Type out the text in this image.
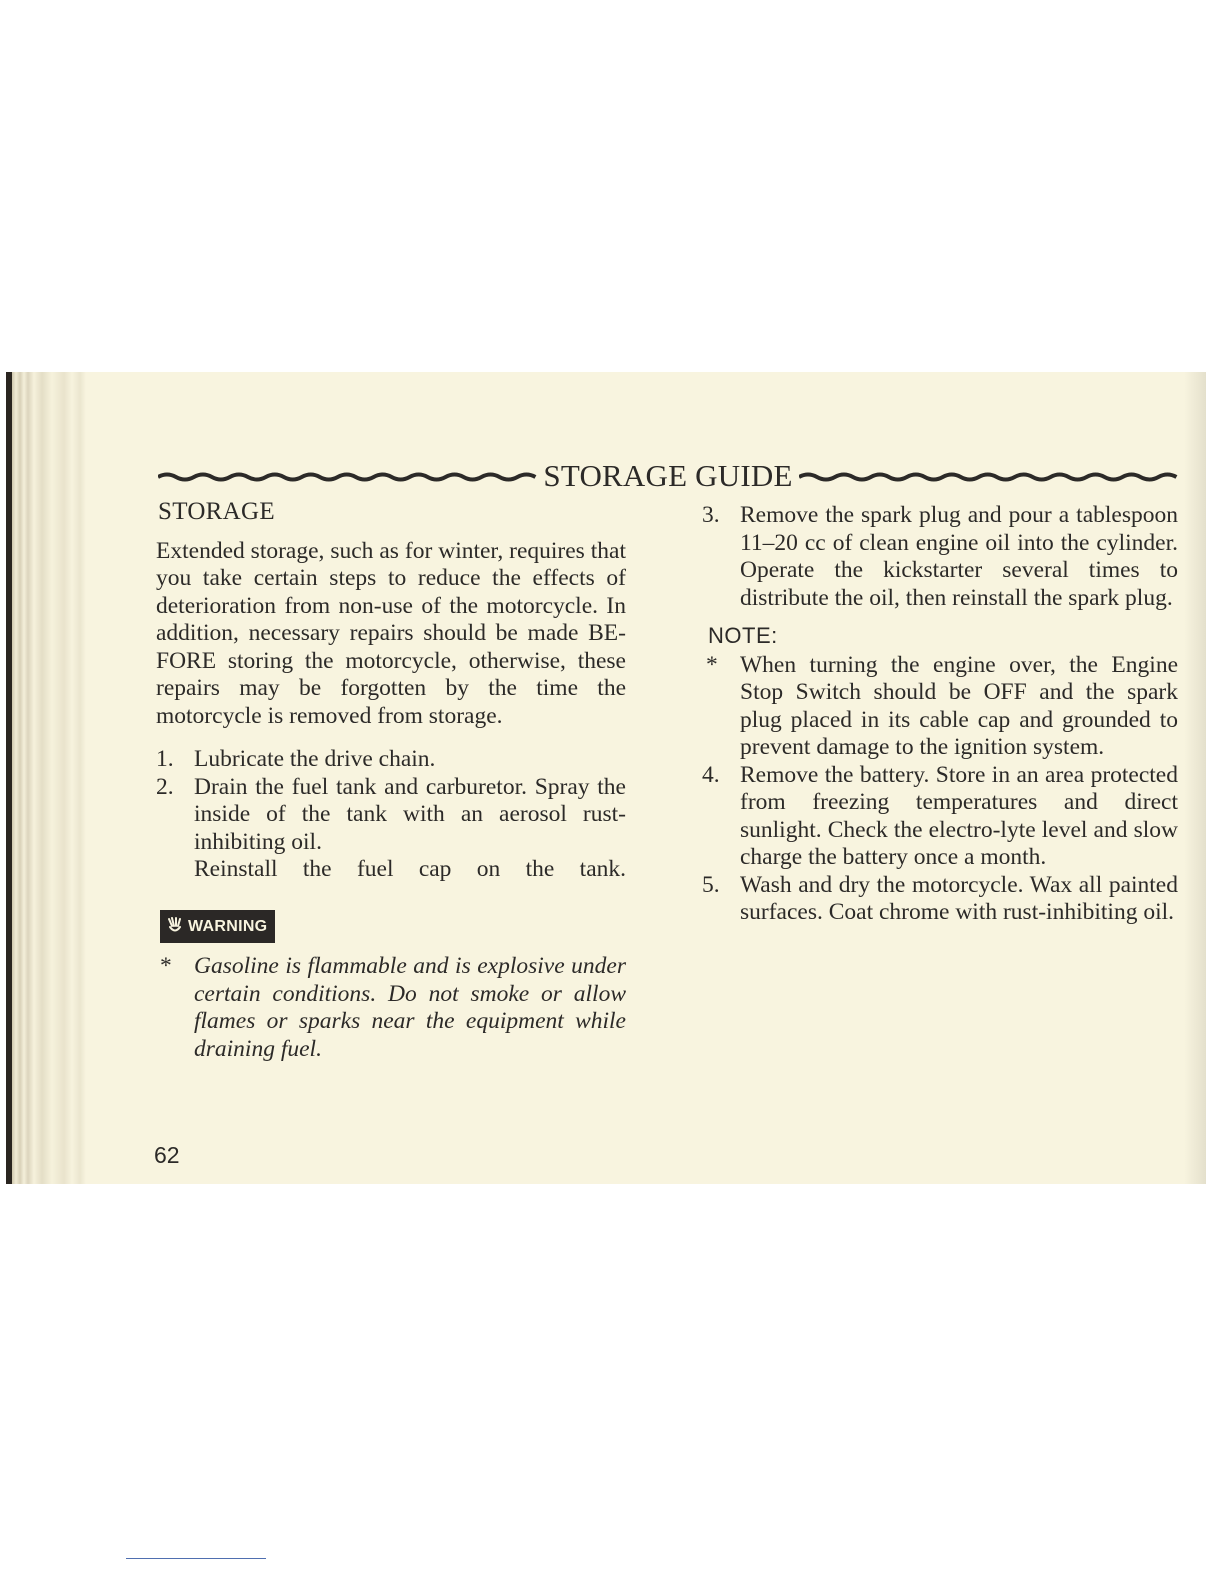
STORAGE GUIDE
STORAGE

Extended storage, such as for winter, requires that you take certain steps to reduce the effects of deterioration from non-use of the motorcycle. In addition, necessary repairs should be made BE-FORE storing the motorcycle, otherwise, these repairs may be forgotten by the time the motorcycle is removed from storage.

1. Lubricate the drive chain.
2. Drain the fuel tank and carburetor. Spray the inside of the tank with an aerosol rust-inhibiting oil.
Reinstall the fuel cap on the tank.
WARNING
* Gasoline is flammable and is explosive under certain conditions. Do not smoke or allow flames or sparks near the equipment while draining fuel.
3. Remove the spark plug and pour a tablespoon 11–20 cc of clean engine oil into the cylinder. Operate the kickstarter several times to distribute the oil, then reinstall the spark plug.
NOTE:
* When turning the engine over, the Engine Stop Switch should be OFF and the spark plug placed in its cable cap and grounded to prevent damage to the ignition system.
4. Remove the battery. Store in an area protected from freezing temperatures and direct sunlight. Check the electro-lyte level and slow charge the battery once a month.
5. Wash and dry the motorcycle. Wax all painted surfaces. Coat chrome with rust-inhibiting oil.
62
